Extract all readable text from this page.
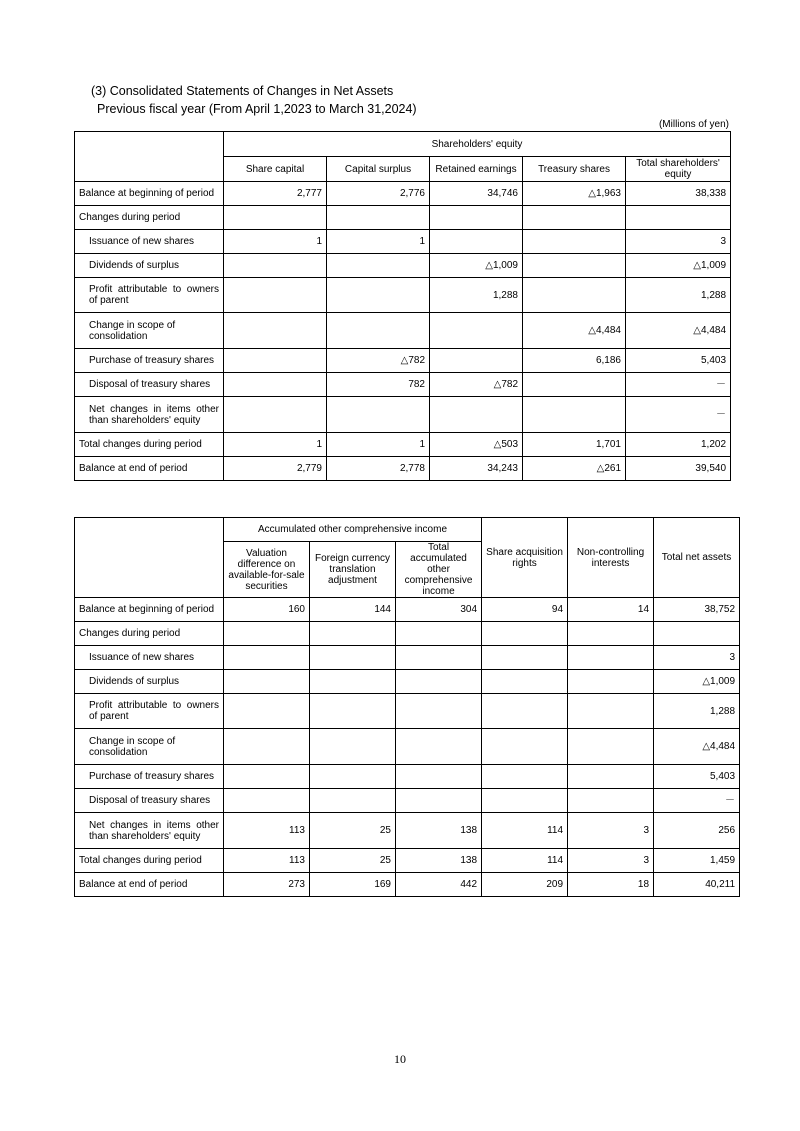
(3) Consolidated Statements of Changes in Net Assets
Previous fiscal year (From April 1,2023 to March 31,2024)
(Millions of yen)
	Shareholders' equity				
	Share capital	Capital surplus	Retained earnings	Treasury shares	Total shareholders' equity
Balance at beginning of period	2,777	2,776	34,746	△1,963	38,338
Changes during period					
Issuance of new shares	1	1			3
Dividends of surplus			△1,009		△1,009
Profit attributable to owners of parent			1,288		1,288
Change in scope of consolidation				△4,484	△4,484
Purchase of treasury shares		△782		6,186	5,403
Disposal of treasury shares		782	△782		－
Net changes in items other than shareholders' equity					－
Total changes during period	1	1	△503	1,701	1,202
Balance at end of period	2,779	2,778	34,243	△261	39,540
	Accumulated other comprehensive income			Share acquisition rights	Non-controlling interests	Total net assets
	Valuation difference on available-for-sale securities	Foreign currency translation adjustment	Total accumulated other comprehensive income			
Balance at beginning of period	160	144	304	94	14	38,752
Changes during period						
Issuance of new shares						3
Dividends of surplus						△1,009
Profit attributable to owners of parent						1,288
Change in scope of consolidation						△4,484
Purchase of treasury shares						5,403
Disposal of treasury shares						－
Net changes in items other than shareholders' equity	113	25	138	114	3	256
Total changes during period	113	25	138	114	3	1,459
Balance at end of period	273	169	442	209	18	40,211
10
